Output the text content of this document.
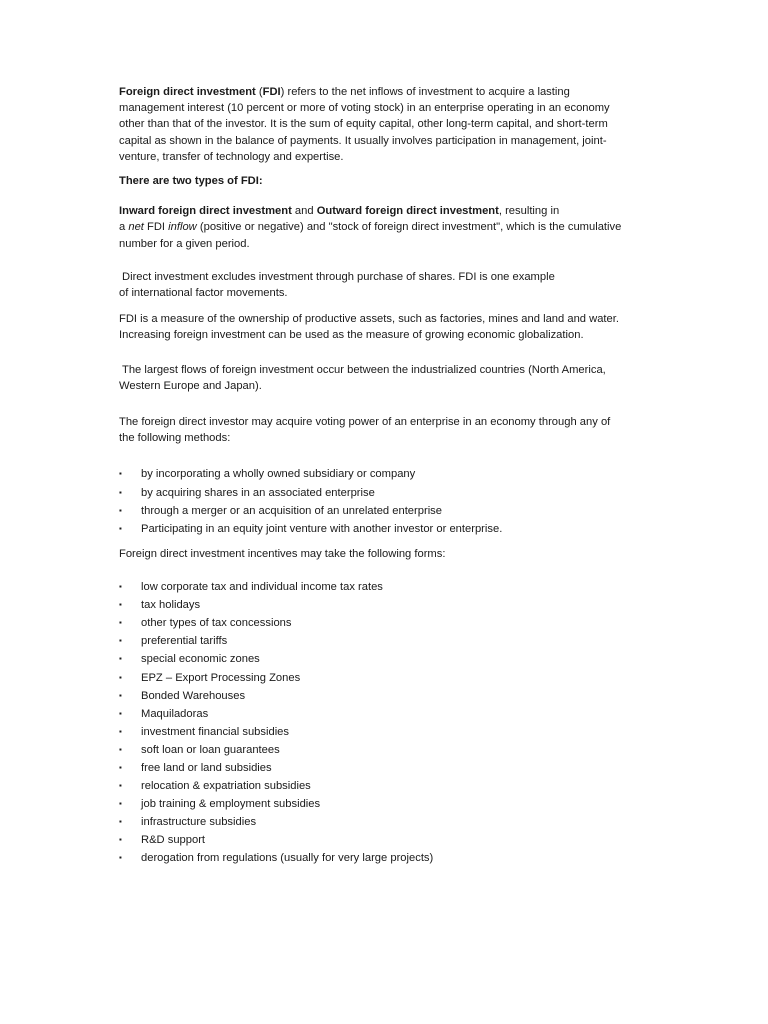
Foreign direct investment (FDI) refers to the net inflows of investment to acquire a lasting
management interest (10 percent or more of voting stock) in an enterprise operating in an economy
other than that of the investor. It is the sum of equity capital, other long-term capital, and short-term
capital as shown in the balance of payments. It usually involves participation in management, joint-
venture, transfer of technology and expertise.

There are two types of FDI:

Inward foreign direct investment and Outward foreign direct investment, resulting in
a net FDI inflow (positive or negative) and "stock of foreign direct investment", which is the cumulative
number for a given period.

Direct investment excludes investment through purchase of shares. FDI is one example
of international factor movements.

FDI is a measure of the ownership of productive assets, such as factories, mines and land and water.
Increasing foreign investment can be used as the measure of growing economic globalization.

The largest flows of foreign investment occur between the industrialized countries (North America,
Western Europe and Japan).

The foreign direct investor may acquire voting power of an enterprise in an economy through any of
the following methods:

▪ by incorporating a wholly owned subsidiary or company
▪ by acquiring shares in an associated enterprise
▪ through a merger or an acquisition of an unrelated enterprise
▪ Participating in an equity joint venture with another investor or enterprise.

Foreign direct investment incentives may take the following forms:

▪ low corporate tax and individual income tax rates
▪ tax holidays
▪ other types of tax concessions
▪ preferential tariffs
▪ special economic zones
▪ EPZ – Export Processing Zones
▪ Bonded Warehouses
▪ Maquiladoras
▪ investment financial subsidies
▪ soft loan or loan guarantees
▪ free land or land subsidies
▪ relocation & expatriation subsidies
▪ job training & employment subsidies
▪ infrastructure subsidies
▪ R&D support
▪ derogation from regulations (usually for very large projects)
